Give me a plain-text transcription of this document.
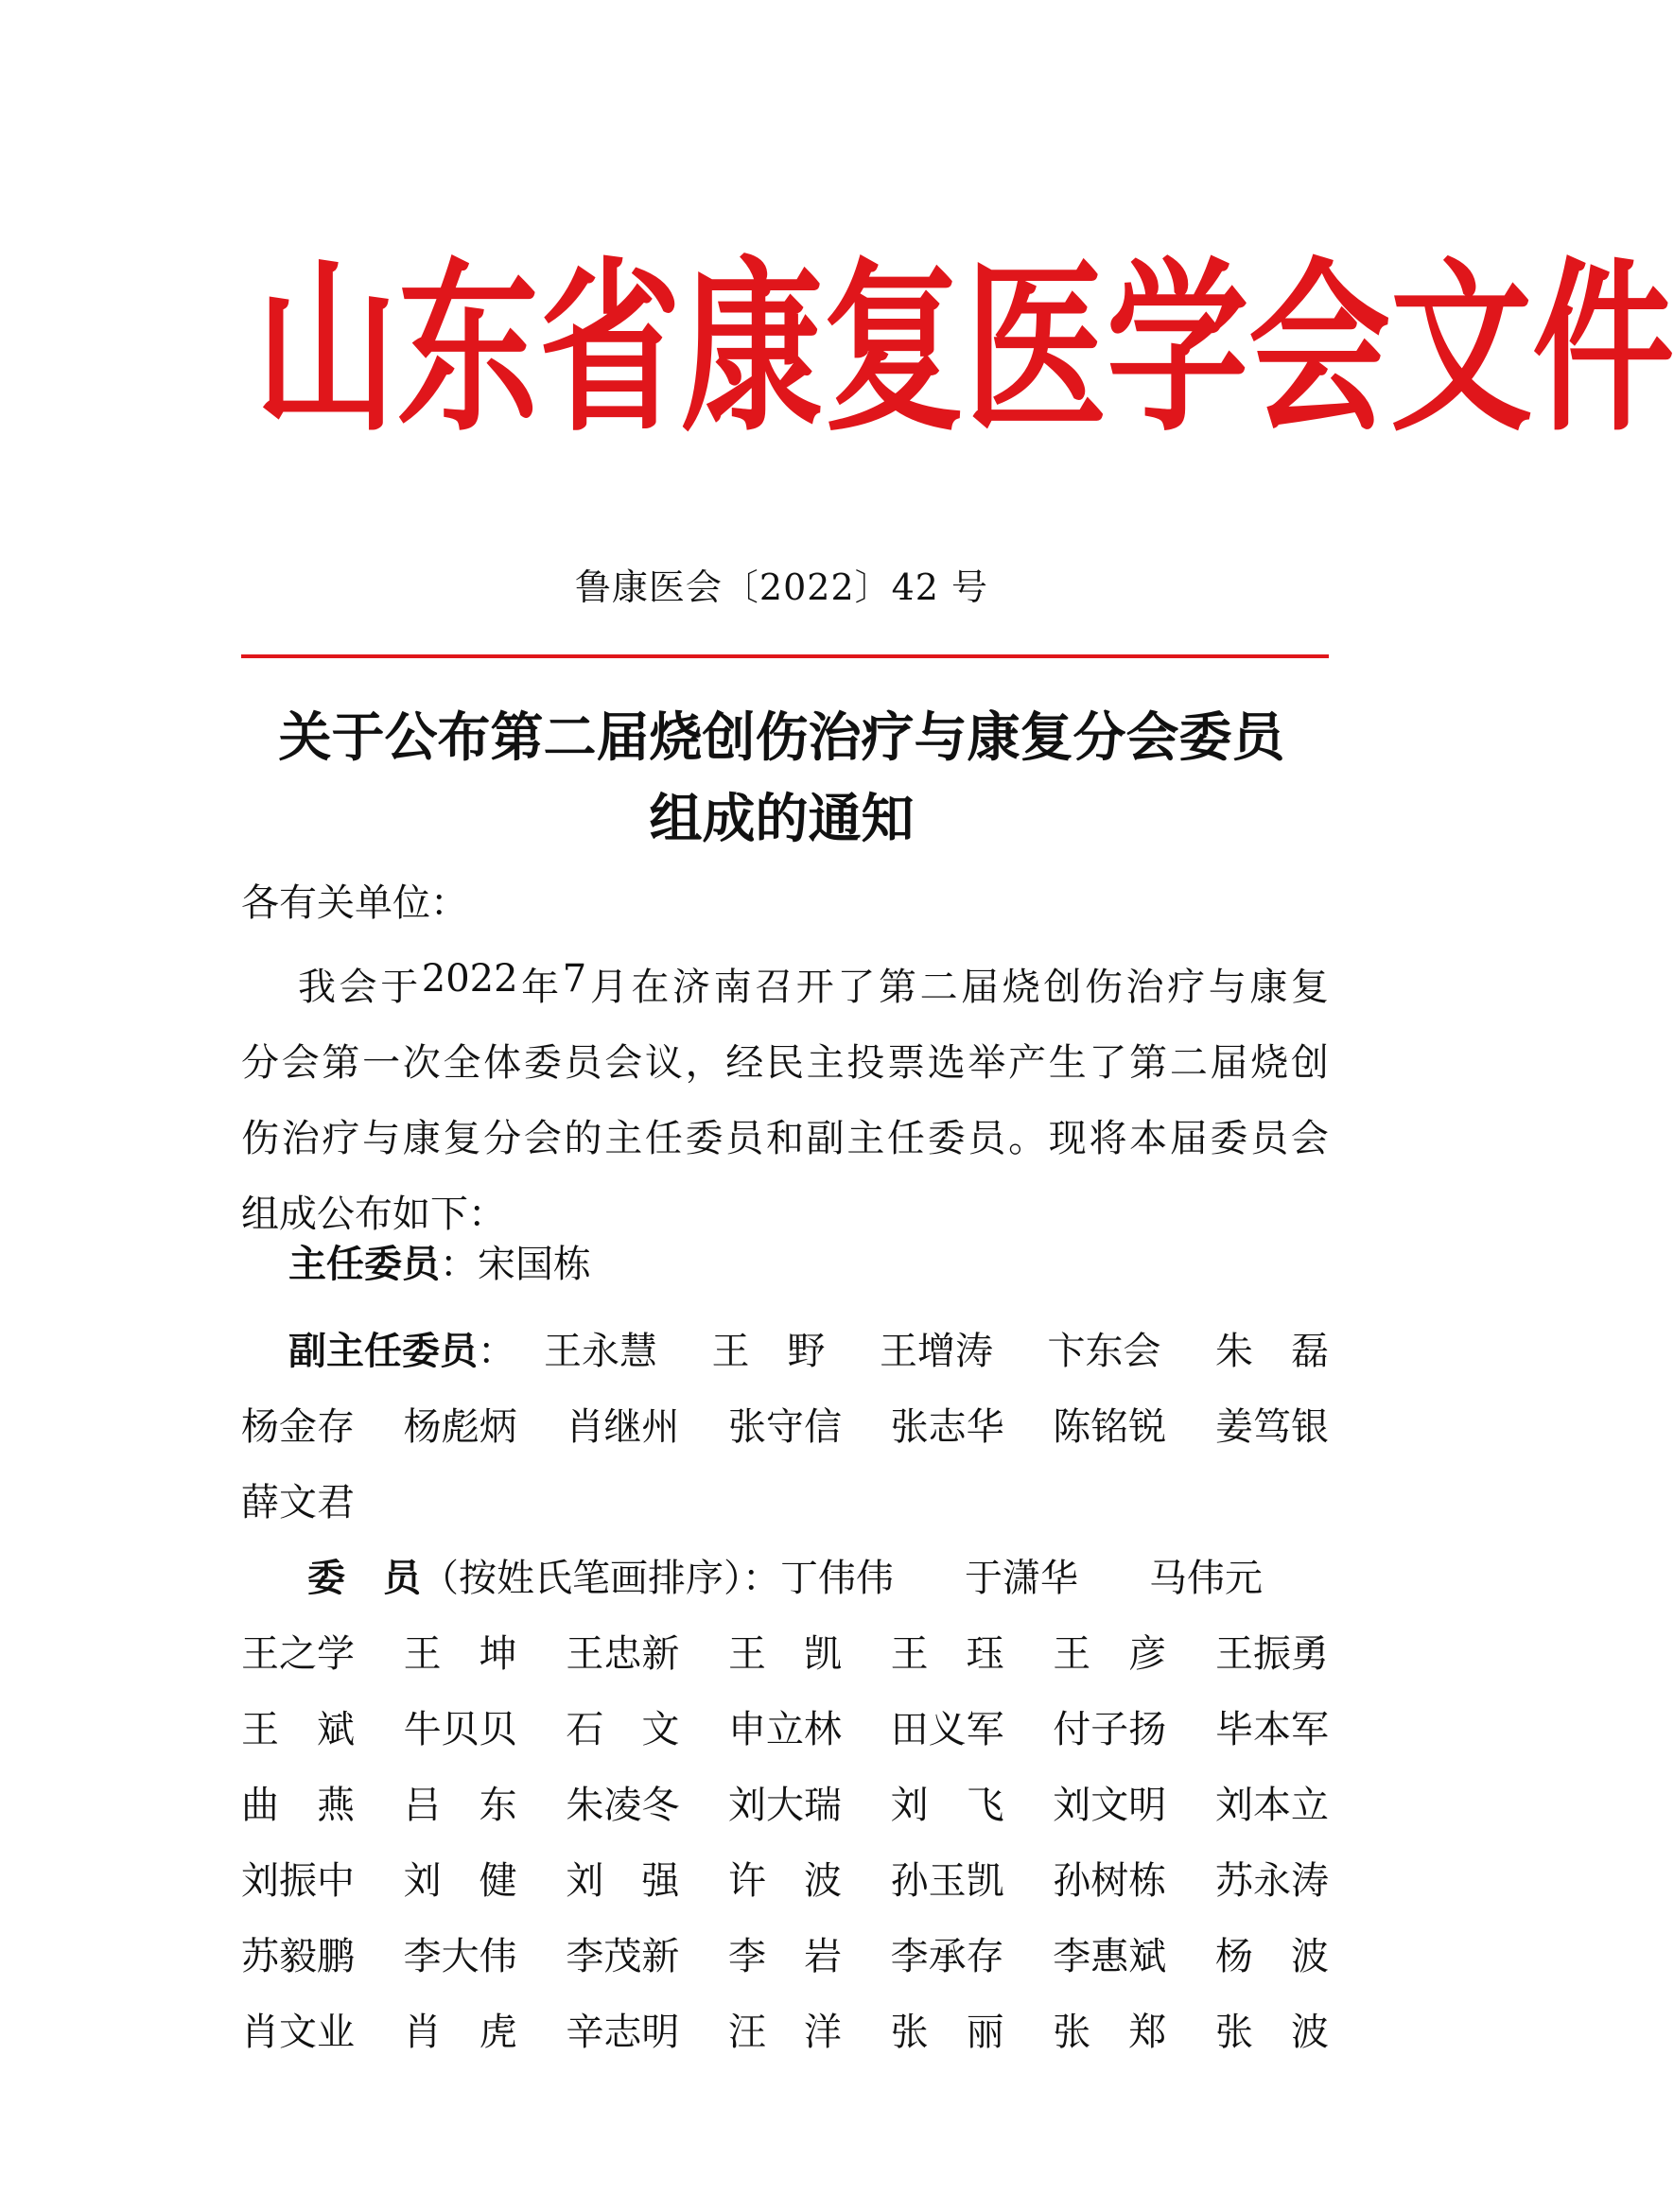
山 东 省 康 复 医 学 会 文 件
鲁康医会〔2022〕42 号
关于公布第二届烧创伤治疗与康复分会委员
组成的通知
各有关单位：
我 会 于 2022 年 7 月 在 济 南 召 开 了 第 二 届 烧 创 伤 治 疗 与 康 复
分 会 第 一 次 全 体 委 员 会 议 ， 经 民 主 投 票 选 举 产 生 了 第 二 届 烧 创
伤 治 疗 与 康 复 分 会 的 主 任 委 员 和 副 主 任 委 员 。 现 将 本 届 委 员 会
组成公布如下：
主任委员：宋国栋
副主任委员 ： 王 永 慧 王 野 王 增 涛 卞 东 会 朱 磊
杨 金 存 杨 彪 炳 肖 继 州 张 守 信 张 志 华 陈 铭 锐 姜 笃 银
薛 文 君
委 员 （按姓氏笔画排序）： 丁 伟 伟 于 潇 华 马 伟 元
王 之 学 王 坤 王 忠 新 王 凯 王 珏 王 彦 王 振 勇
王 斌 牛 贝 贝 石 文 申 立 林 田 义 军 付 子 扬 毕 本 军
曲 燕 吕 东 朱 凌 冬 刘 大 瑞 刘 飞 刘 文 明 刘 本 立
刘 振 中 刘 健 刘 强 许 波 孙 玉 凯 孙 树 栋 苏 永 涛
苏 毅 鹏 李 大 伟 李 茂 新 李 岩 李 承 存 李 惠 斌 杨 波
肖 文 业 肖 虎 辛 志 明 汪 洋 张 丽 张 郑 张 波
